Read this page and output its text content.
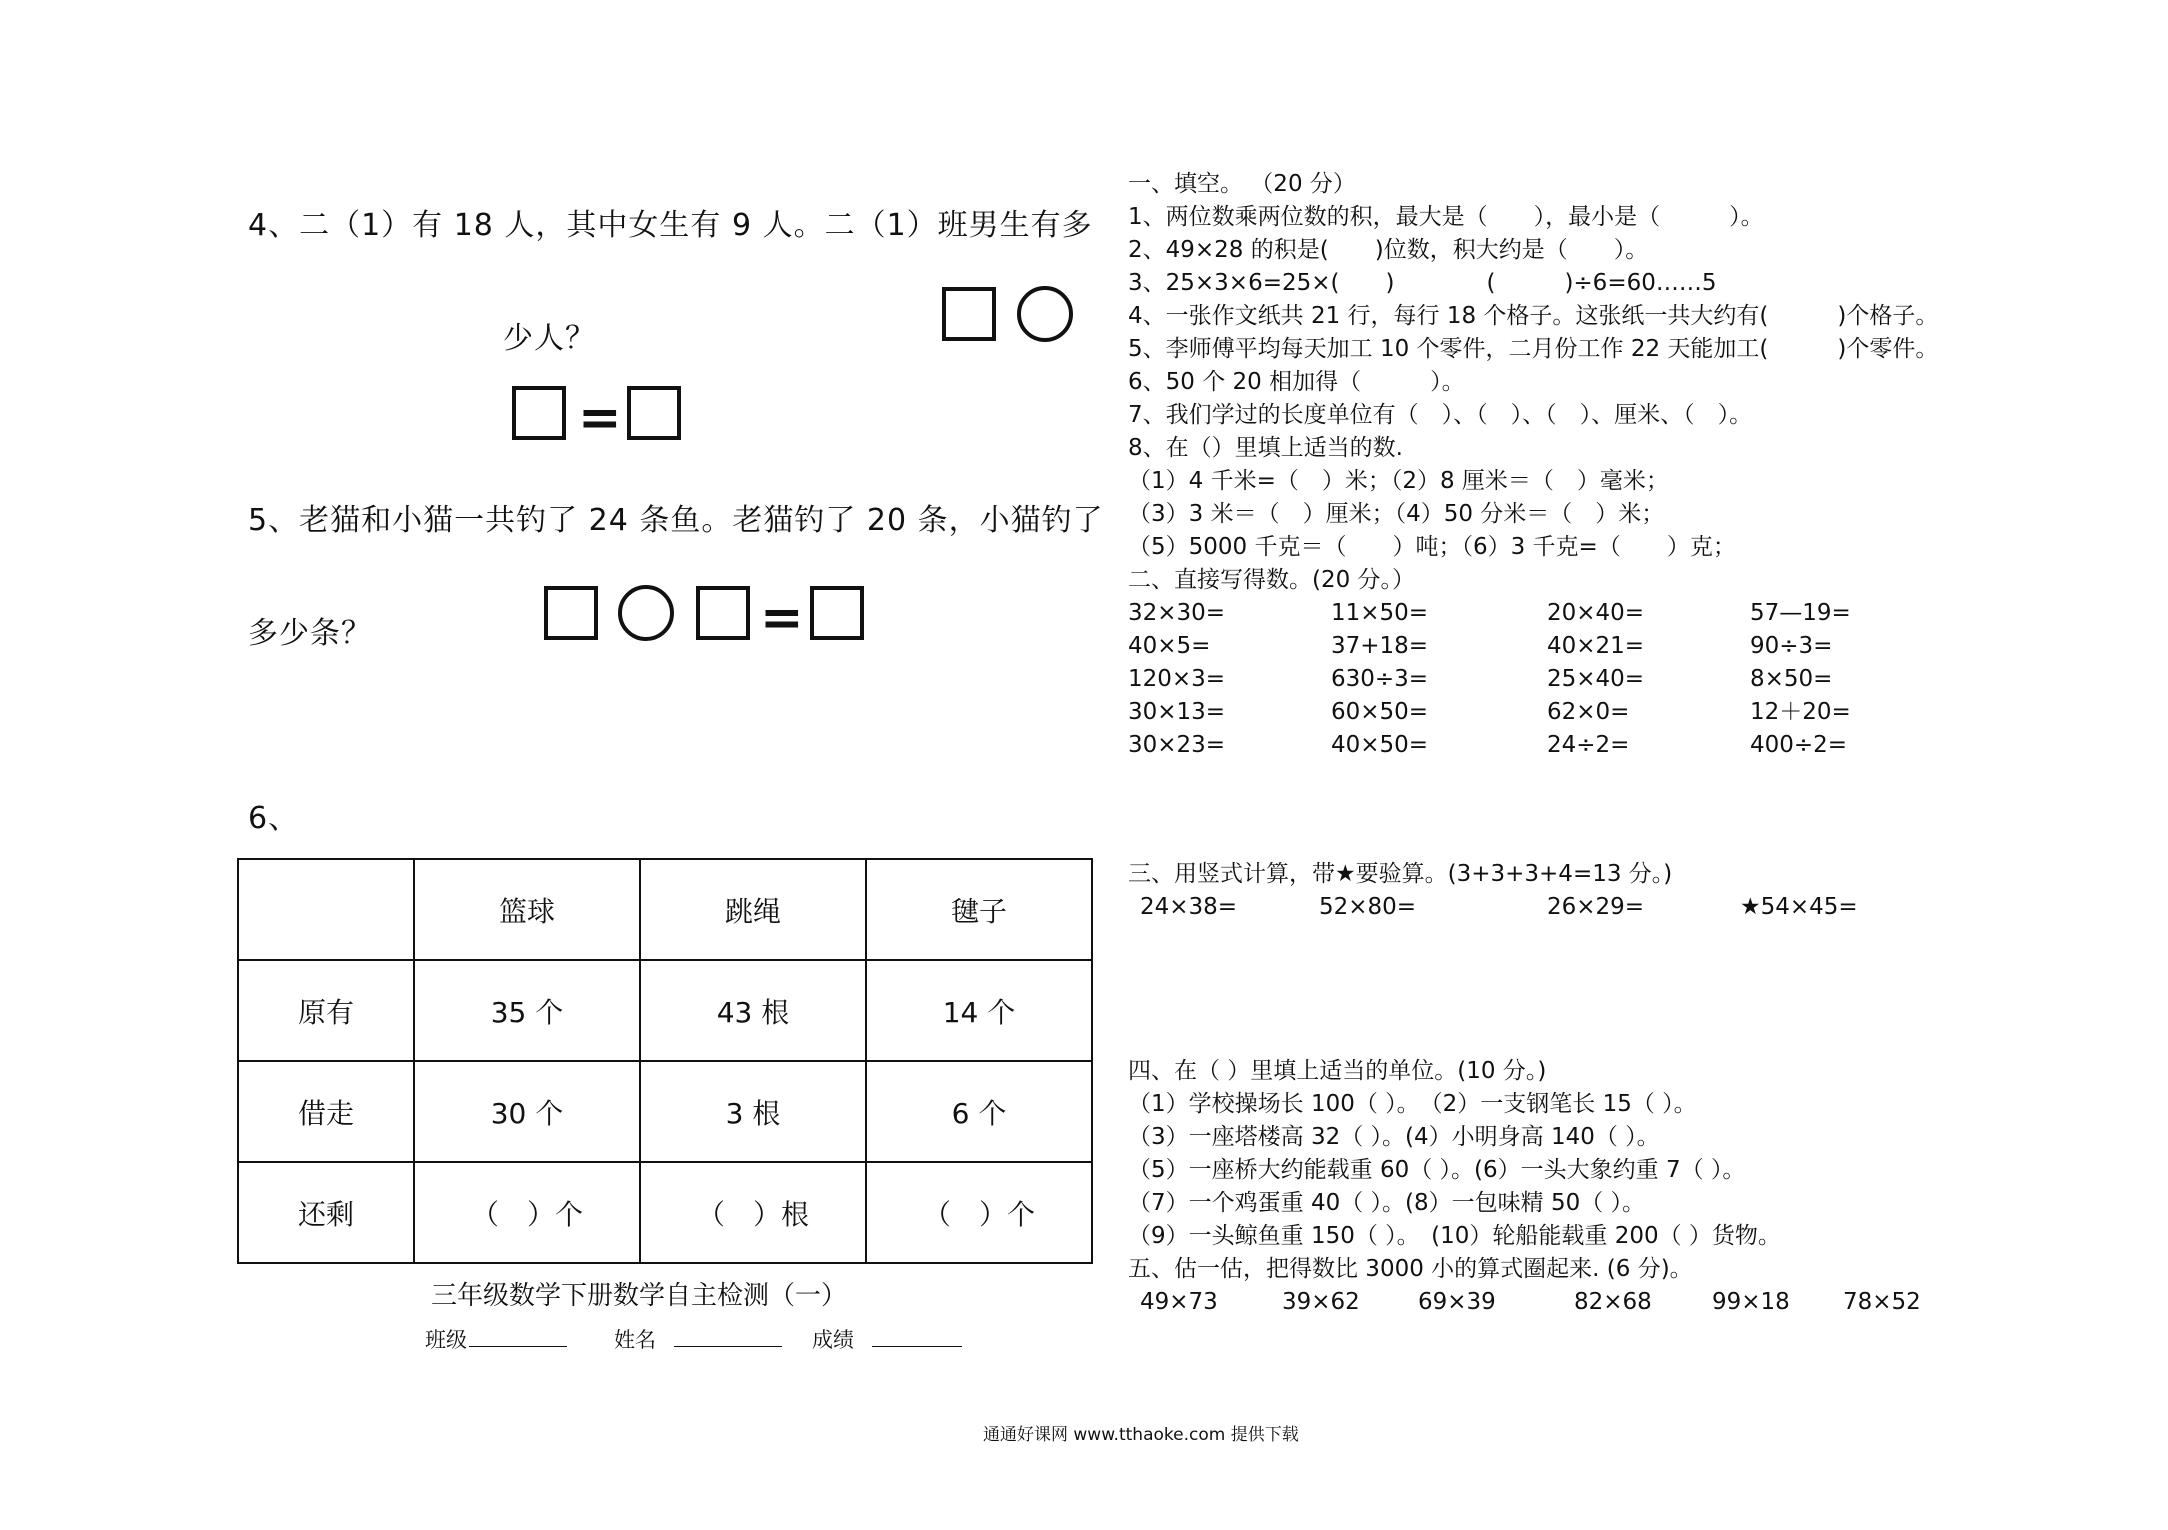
4、二（1）有 18 人，其中女生有 9 人。二（1）班男生有多
少人？
=
5、老猫和小猫一共钓了 24 条鱼。老猫钓了 20 条，小猫钓了
多少条？	=
6、
	篮球	跳绳	毽子
原有	35 个	43 根	14 个
借走	30 个	3 根	6 个
还剩	（　）个	（　）根	（　）个
三年级数学下册数学自主检测（一）
班级	姓名	成绩
一、填空。 （20 分）
1、两位数乘两位数的积，最大是（　　），最小是（　　　）。
2、49×28 的积是(　　)位数，积大约是（　　）。
3、25×3×6=25×(　　)　　　　(　　　)÷6=60……5
4、一张作文纸共 21 行，每行 18 个格子。这张纸一共大约有(　　　)个格子。
5、李师傅平均每天加工 10 个零件，二月份工作 22 天能加工(　　　)个零件。
6、50 个 20 相加得（　　　）。
7、我们学过的长度单位有（　）、（　）、（　）、厘米、（　）。
8、在（）里填上适当的数.
（1）4 千米=（　）米；（2）8 厘米＝（　）毫米；
（3）3 米＝（　）厘米；（4）50 分米＝（　）米；
（5）5000 千克＝（　　）吨；（6）3 千克=（　　）克；
二、直接写得数。(20 分。）
32×30=	11×50=	20×40=	57—19=
40×5=	37+18=	40×21=	90÷3=
120×3=	630÷3=	25×40=	8×50=
30×13=	60×50=	62×0=	12＋20=
30×23=	40×50=	24÷2=	400÷2=
三、用竖式计算，带★要验算。(3+3+3+4=13 分。)
24×38=	52×80=	26×29=	★54×45=
四、在（ ）里填上适当的单位。(10 分。)
（1）学校操场长 100（ ）。　（2）一支钢笔长 15（ ）。
（3）一座塔楼高 32（ ）。(4）小明身高 140（ ）。
（5）一座桥大约能载重 60（ ）。(6）一头大象约重 7（ ）。
（7）一个鸡蛋重 40（ ）。(8）一包味精 50（ ）。
（9）一头鲸鱼重 150（ ）。　(10）轮船能载重 200（ ）货物。
五、估一估，把得数比 3000 小的算式圈起来. (6 分)。
49×73	39×62	69×39	82×68	99×18 78×52
通通好课网 www.tthaoke.com 提供下载
